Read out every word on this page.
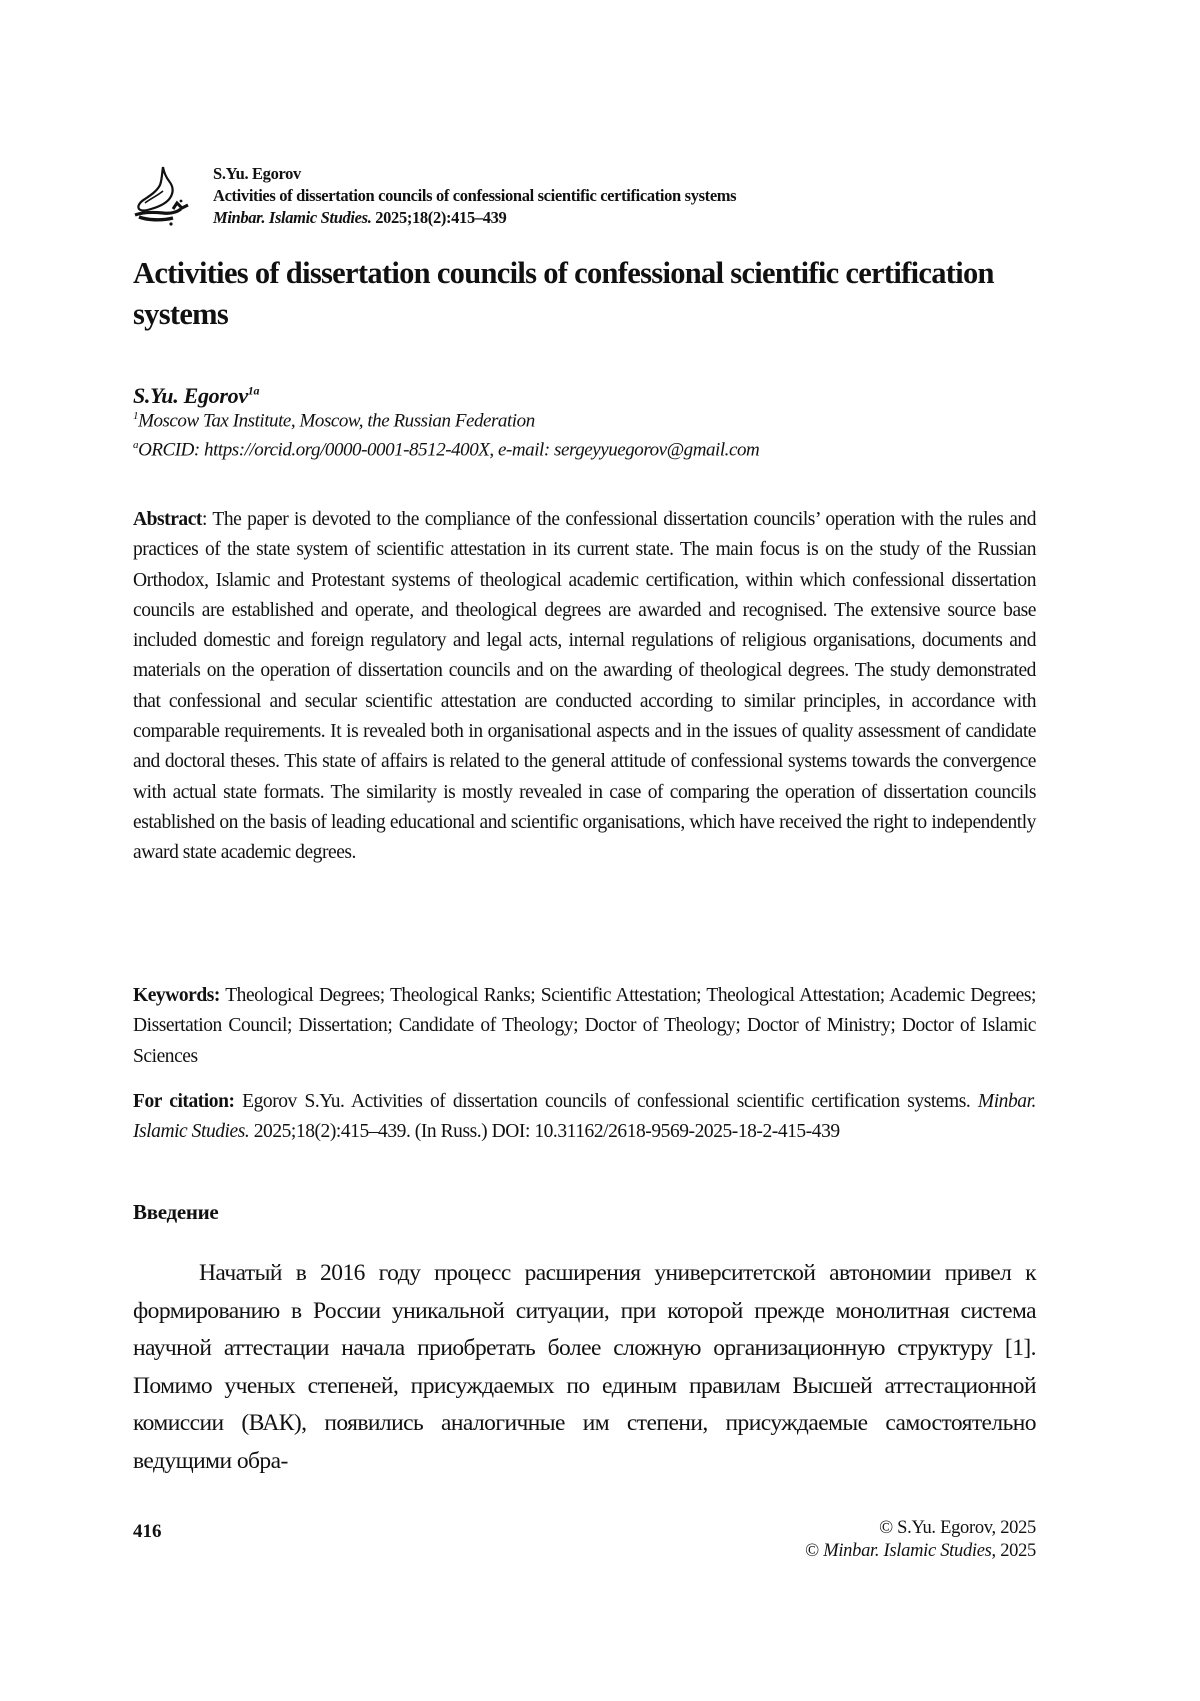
S.Yu. Egorov
Activities of dissertation councils of confessional scientific certification systems
Minbar. Islamic Studies. 2025;18(2):415–439
Activities of dissertation councils of confessional scientific certification systems
S.Yu. Egorov$^{1a}$
$^1$Moscow Tax Institute, Moscow, the Russian Federation
$^a$ORCID: https://orcid.org/0000-0001-8512-400X, e-mail: sergeyyuegorov@gmail.com
Abstract: The paper is devoted to the compliance of the confessional dissertation councils’ operation with the rules and practices of the state system of scientific attestation in its current state. The main focus is on the study of the Russian Orthodox, Islamic and Protestant systems of theological academic certification, within which confessional dissertation councils are established and operate, and theological degrees are awarded and recognised. The extensive source base included domestic and foreign regulatory and legal acts, internal regulations of religious organisations, documents and materials on the operation of dissertation councils and on the awarding of theological degrees. The study demonstrated that confessional and secular scientific attestation are conducted according to similar principles, in accordance with comparable requirements. It is revealed both in organisational aspects and in the issues of quality assessment of candidate and doctoral theses. This state of affairs is related to the general attitude of confessional systems towards the convergence with actual state formats. The similarity is mostly revealed in case of comparing the operation of dissertation councils established on the basis of leading educational and scientific organisations, which have received the right to independently award state academic degrees.
Keywords: Theological Degrees; Theological Ranks; Scientific Attestation; Theological Attestation; Academic Degrees; Dissertation Council; Dissertation; Candidate of Theology; Doctor of Theology; Doctor of Ministry; Doctor of Islamic Sciences
For citation: Egorov S.Yu. Activities of dissertation councils of confessional scientific certification systems. Minbar. Islamic Studies. 2025;18(2):415–439. (In Russ.) DOI: 10.31162/2618-9569-2025-18-2-415-439
Введение

Начатый в 2016 году процесс расширения университетской автономии привел к формированию в России уникальной ситуации, при которой прежде монолитная система научной аттестации начала приобретать более сложную организационную структуру [1]. Помимо ученых степеней, присуждаемых по единым правилам Высшей аттестационной комиссии (ВАК), появились аналогичные им степени, присуждаемые самостоятельно ведущими обра-

416	© S.Yu. Egorov, 2025
© Minbar. Islamic Studies, 2025
